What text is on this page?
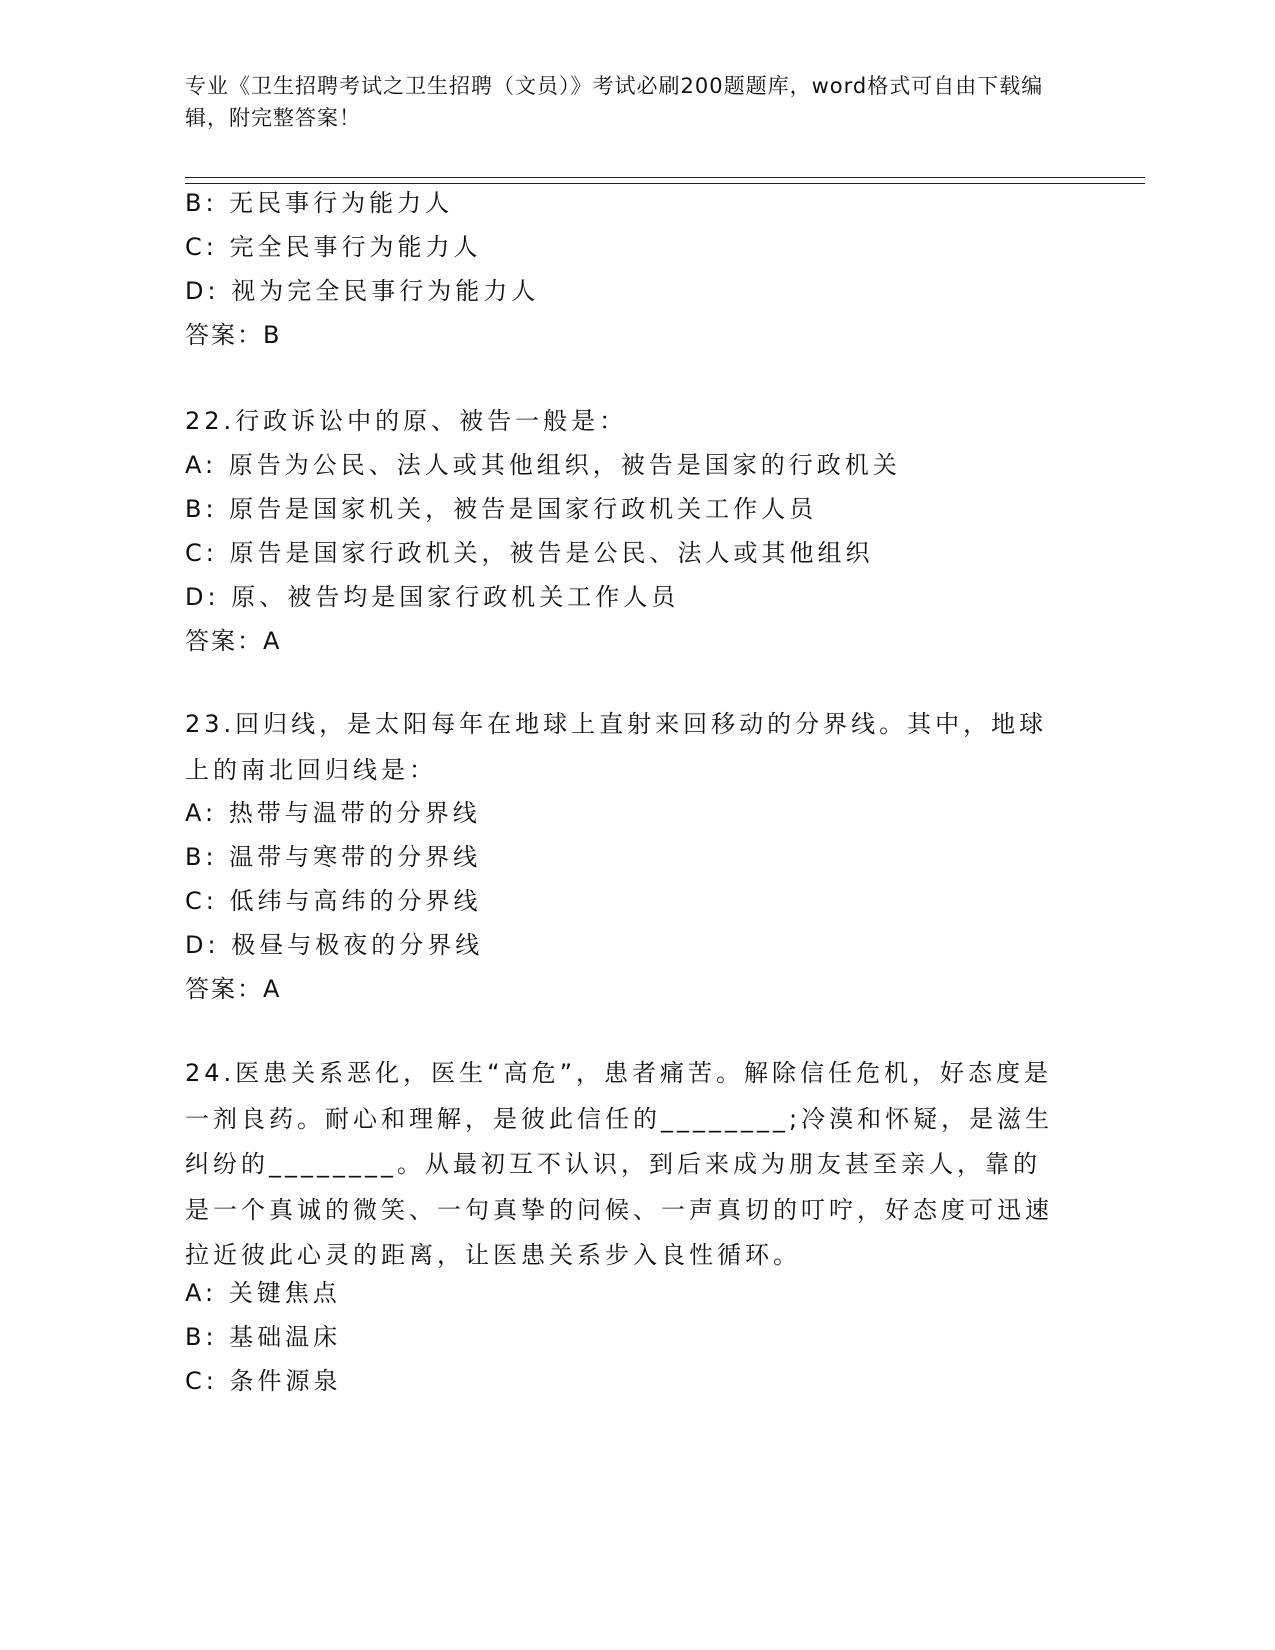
专业《卫生招聘考试之卫生招聘（文员）》考试必刷200题题库，word格式可自由下载编辑，附完整答案！
B: 无民事行为能力人
C: 完全民事行为能力人
D: 视为完全民事行为能力人
答案：B
22.行政诉讼中的原、被告一般是：
A: 原告为公民、法人或其他组织，被告是国家的行政机关
B: 原告是国家机关，被告是国家行政机关工作人员
C: 原告是国家行政机关，被告是公民、法人或其他组织
D: 原、被告均是国家行政机关工作人员
答案：A
23.回归线，是太阳每年在地球上直射来回移动的分界线。其中，地球上的南北回归线是：
A: 热带与温带的分界线
B: 温带与寒带的分界线
C: 低纬与高纬的分界线
D: 极昼与极夜的分界线
答案：A
24.医患关系恶化，医生“高危”，患者痛苦。解除信任危机，好态度是一剂良药。耐心和理解，是彼此信任的________;冷漠和怀疑，是滋生纠纷的________。从最初互不认识，到后来成为朋友甚至亲人，靠的是一个真诚的微笑、一句真挚的问候、一声真切的叮咛，好态度可迅速拉近彼此心灵的距离，让医患关系步入良性循环。
A: 关键焦点
B: 基础温床
C: 条件源泉
